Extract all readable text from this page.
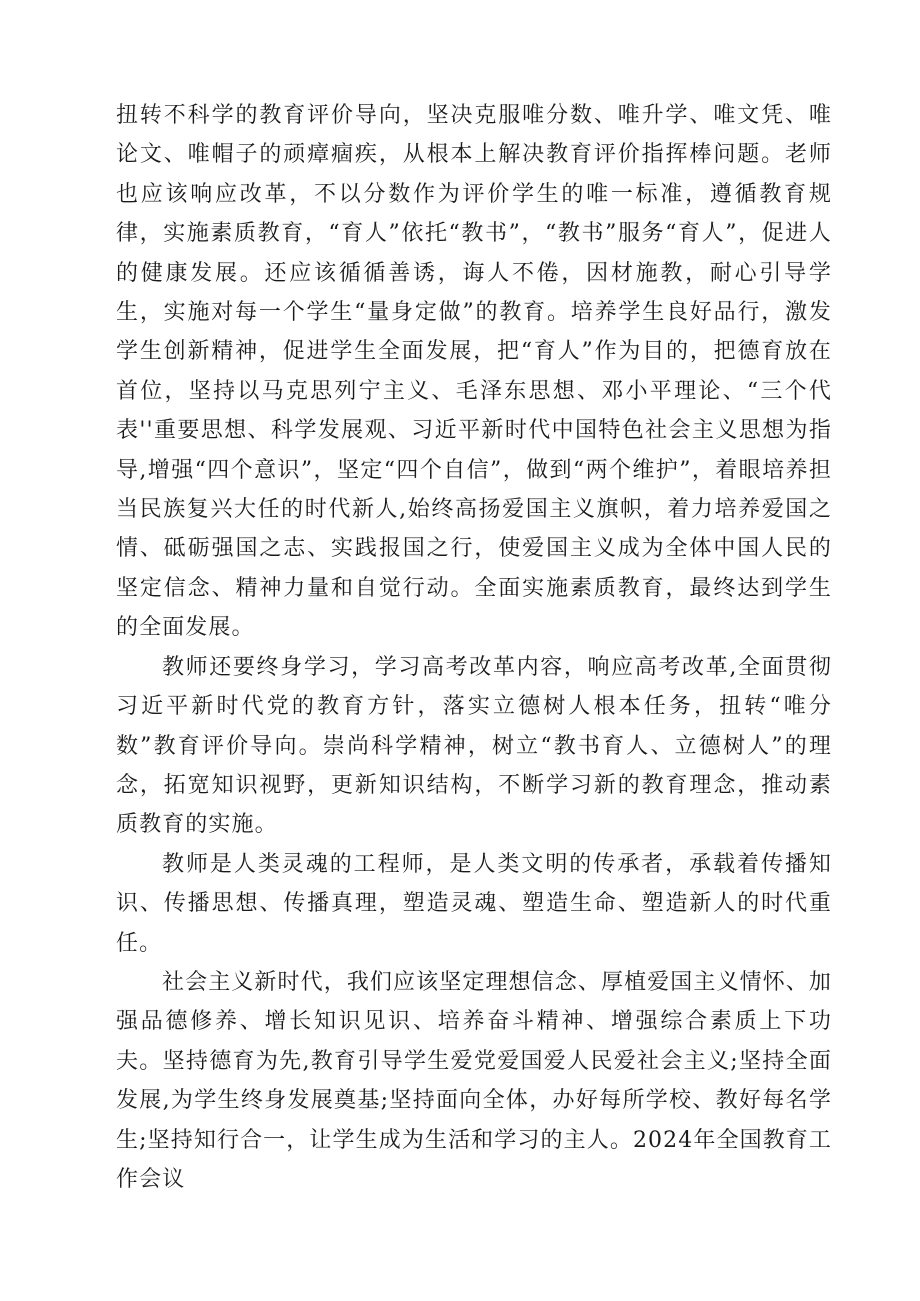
扭转不科学的教育评价导向，坚决克服唯分数、唯升学、唯文凭、唯论文、唯帽子的顽瘴痼疾，从根本上解决教育评价指挥棒问题。老师也应该响应改革，不以分数作为评价学生的唯一标准，遵循教育规律，实施素质教育，“育人”依托“教书”，“教书”服务“育人”，促进人的健康发展。还应该循循善诱，诲人不倦，因材施教，耐心引导学生，实施对每一个学生“量身定做”的教育。培养学生良好品行，激发学生创新精神，促进学生全面发展，把“育人”作为目的，把德育放在首位，坚持以马克思列宁主义、毛泽东思想、邓小平理论、“三个代表''重要思想、科学发展观、习近平新时代中国特色社会主义思想为指导,增强“四个意识”，坚定“四个自信”，做到“两个维护”，着眼培养担当民族复兴大任的时代新人,始终高扬爱国主义旗帜，着力培养爱国之情、砥砺强国之志、实践报国之行，使爱国主义成为全体中国人民的坚定信念、精神力量和自觉行动。全面实施素质教育，最终达到学生的全面发展。

教师还要终身学习，学习高考改革内容，响应高考改革,全面贯彻习近平新时代党的教育方针，落实立德树人根本任务，扭转“唯分数”教育评价导向。崇尚科学精神，树立“教书育人、立德树人”的理念，拓宽知识视野，更新知识结构，不断学习新的教育理念，推动素质教育的实施。

教师是人类灵魂的工程师，是人类文明的传承者，承载着传播知识、传播思想、传播真理，塑造灵魂、塑造生命、塑造新人的时代重任。

社会主义新时代，我们应该坚定理想信念、厚植爱国主义情怀、加强品德修养、增长知识见识、培养奋斗精神、增强综合素质上下功夫。坚持德育为先,教育引导学生爱党爱国爱人民爱社会主义;坚持全面发展,为学生终身发展奠基;坚持面向全体，办好每所学校、教好每名学生;坚持知行合一，让学生成为生活和学习的主人。2024年全国教育工作会议
